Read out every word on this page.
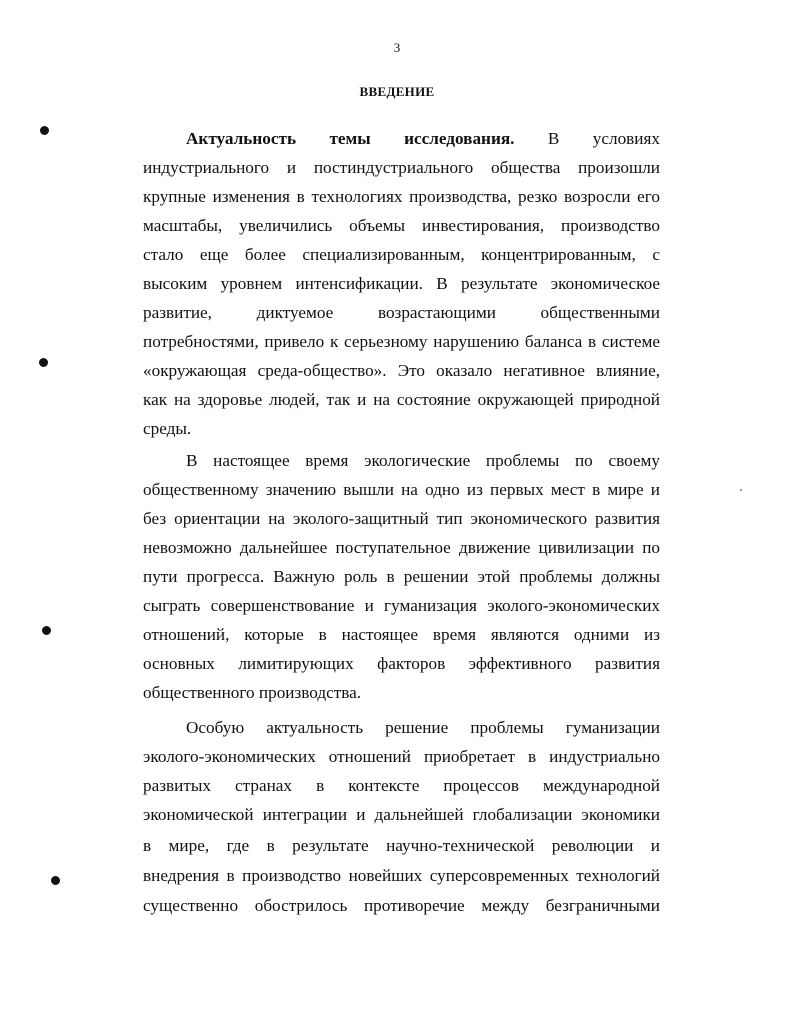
3
ВВЕДЕНИЕ
Актуальность темы исследования. В условиях
индустриального и постиндустриального общества произошли
крупные изменения в технологиях производства, резко возросли его
масштабы, увеличились объемы инвестирования, производство
стало еще более специализированным, концентрированным, с
высоким уровнем интенсификации. В результате экономическое
развитие, диктуемое возрастающими общественными
потребностями, привело к серьезному нарушению баланса в системе
«окружающая среда-общество». Это оказало негативное влияние,
как на здоровье людей, так и на состояние окружающей природной
среды.
В настоящее время экологические проблемы по своему
общественному значению вышли на одно из первых мест в мире и
без ориентации на эколого-защитный тип экономического развития
невозможно дальнейшее поступательное движение цивилизации по
пути прогресса. Важную роль в решении этой проблемы должны
сыграть совершенствование и гуманизация эколого-экономических
отношений, которые в настоящее время являются одними из
основных лимитирующих факторов эффективного развития
общественного производства.
Особую актуальность решение проблемы гуманизации
эколого-экономических отношений приобретает в индустриально
развитых странах в контексте процессов международной
экономической интеграции и дальнейшей глобализации экономики
в мире, где в результате научно-технической революции и
внедрения в производство новейших суперсовременных технологий
существенно обострилось противоречие между безграничными
